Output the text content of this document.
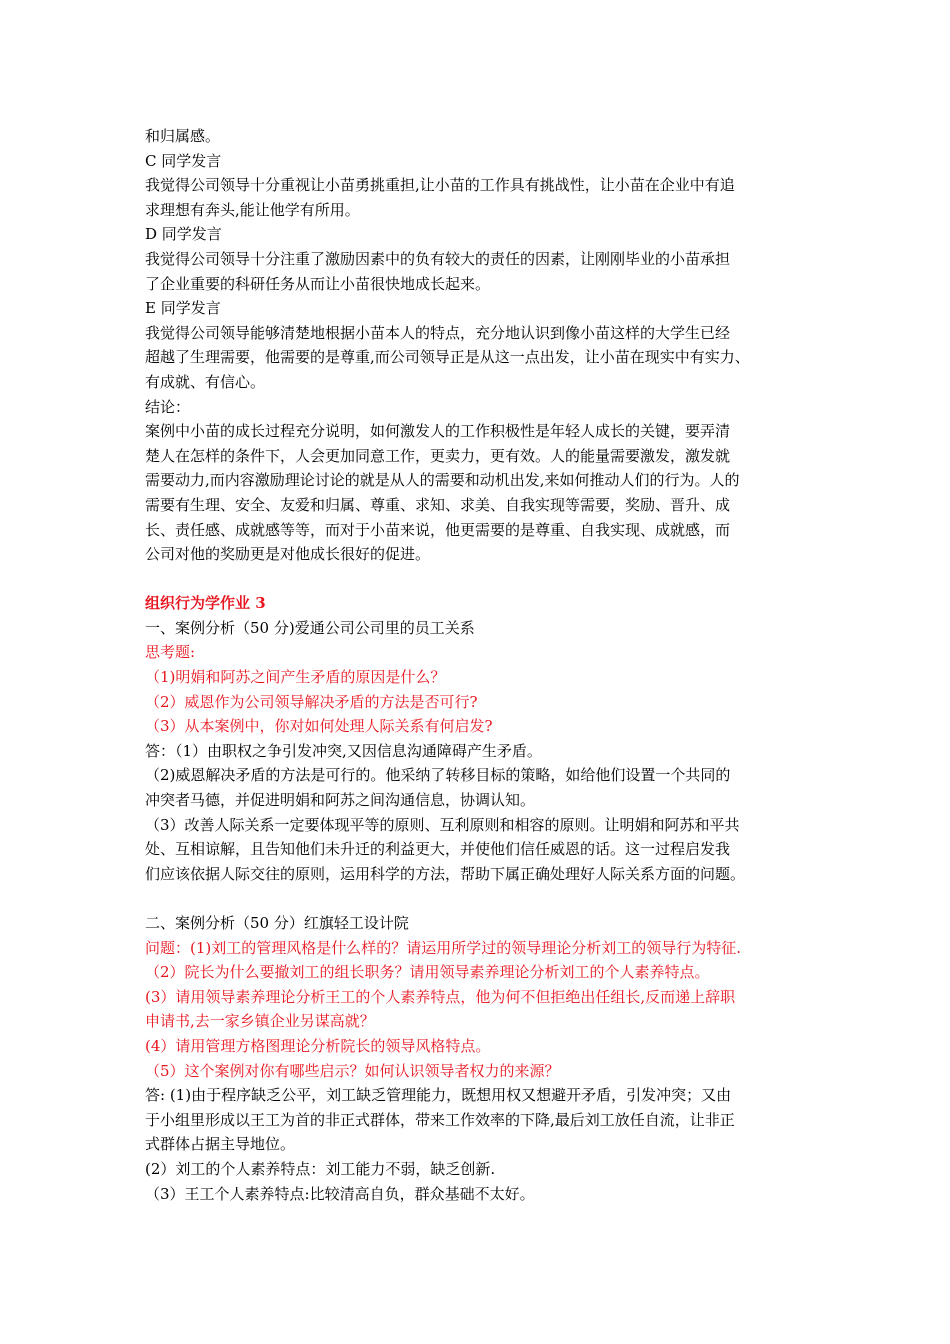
和归属感。
C 同学发言
我觉得公司领导十分重视让小苗勇挑重担,让小苗的工作具有挑战性，让小苗在企业中有追
求理想有奔头,能让他学有所用。
D 同学发言
我觉得公司领导十分注重了激励因素中的负有较大的责任的因素，让刚刚毕业的小苗承担
了企业重要的科研任务从而让小苗很快地成长起来。
E 同学发言
我觉得公司领导能够清楚地根据小苗本人的特点，充分地认识到像小苗这样的大学生已经
超越了生理需要，他需要的是尊重,而公司领导正是从这一点出发，让小苗在现实中有实力、
有成就、有信心。
结论：
案例中小苗的成长过程充分说明，如何激发人的工作积极性是年轻人成长的关键，要弄清
楚人在怎样的条件下，人会更加同意工作，更卖力，更有效。人的能量需要激发，激发就
需要动力,而内容激励理论讨论的就是从人的需要和动机出发,来如何推动人们的行为。人的
需要有生理、安全、友爱和归属、尊重、求知、求美、自我实现等需要，奖励、晋升、成
长、责任感、成就感等等，而对于小苗来说，他更需要的是尊重、自我实现、成就感，而
公司对他的奖励更是对他成长很好的促进。
组织行为学作业 3
一、案例分析（50 分)爱通公司公司里的员工关系
思考题:
（1)明娟和阿苏之间产生矛盾的原因是什么？
（2）威恩作为公司领导解决矛盾的方法是否可行?
（3）从本案例中，你对如何处理人际关系有何启发?
答：（1）由职权之争引发冲突,又因信息沟通障碍产生矛盾。
（2)威恩解决矛盾的方法是可行的。他采纳了转移目标的策略，如给他们设置一个共同的
冲突者马德，并促进明娟和阿苏之间沟通信息，协调认知。
（3）改善人际关系一定要体现平等的原则、互利原则和相容的原则。让明娟和阿苏和平共
处、互相谅解，且告知他们未升迁的利益更大，并使他们信任威恩的话。这一过程启发我
们应该依据人际交往的原则，运用科学的方法，帮助下属正确处理好人际关系方面的问题。
二、案例分析（50 分）红旗轻工设计院
问题：(1)刘工的管理风格是什么样的？请运用所学过的领导理论分析刘工的领导行为特征.
（2）院长为什么要撤刘工的组长职务？请用领导素养理论分析刘工的个人素养特点。
(3）请用领导素养理论分析王工的个人素养特点，他为何不但拒绝出任组长,反而递上辞职
申请书,去一家乡镇企业另谋高就？
(4）请用管理方格图理论分析院长的领导风格特点。
（5）这个案例对你有哪些启示？如何认识领导者权力的来源？
答: (1)由于程序缺乏公平，刘工缺乏管理能力，既想用权又想避开矛盾，引发冲突；又由
于小组里形成以王工为首的非正式群体，带来工作效率的下降,最后刘工放任自流，让非正
式群体占据主导地位。
(2）刘工的个人素养特点：刘工能力不弱，缺乏创新.
（3）王工个人素养特点:比较清高自负，群众基础不太好。
